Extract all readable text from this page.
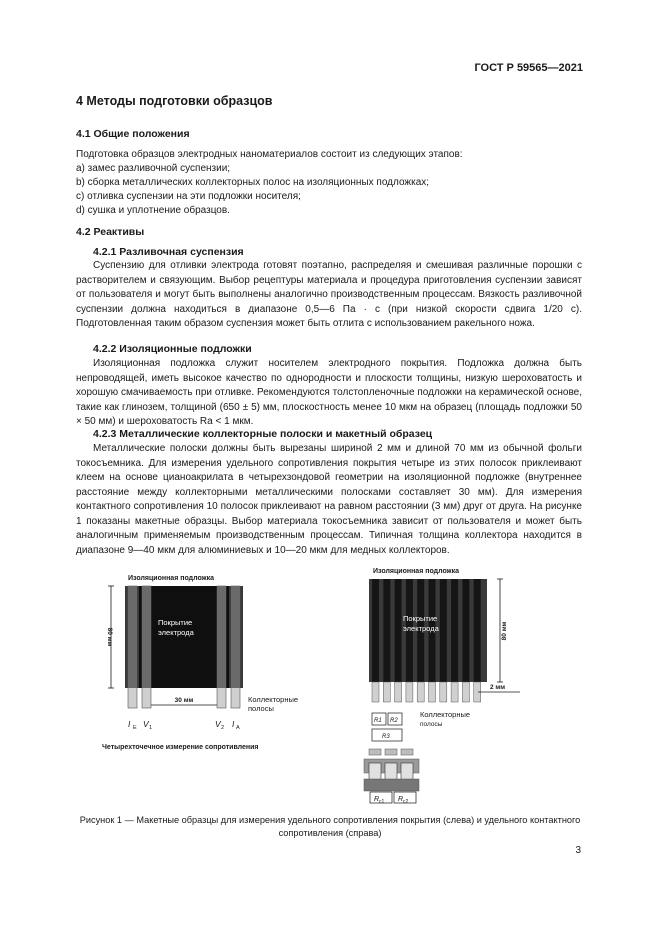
ГОСТ Р 59565—2021
4 Методы подготовки образцов
4.1 Общие положения
Подготовка образцов электродных наноматериалов состоит из следующих этапов:
a) замес разливочной суспензии;
b) сборка металлических коллекторных полос на изоляционных подложках;
c) отливка суспензии на эти подложки носителя;
d) сушка и уплотнение образцов.
4.2 Реактивы
4.2.1 Разливочная суспензия
Суспензию для отливки электрода готовят поэтапно, распределяя и смешивая различные порошки с растворителем и связующим. Выбор рецептуры материала и процедура приготовления суспензии зависят от пользователя и могут быть выполнены аналогично производственным процессам. Вязкость разливочной суспензии должна находиться в диапазоне 0,5—6 Па · с (при низкой скорости сдвига 1/20 с). Подготовленная таким образом суспензия может быть отлита с использованием ракельного ножа.
4.2.2 Изоляционные подложки
Изоляционная подложка служит носителем электродного покрытия. Подложка должна быть непроводящей, иметь высокое качество по однородности и плоскости толщины, низкую шероховатость и хорошую смачиваемость при отливке. Рекомендуются толстопленочные подложки на керамической основе, такие как глинозем, толщиной (650 ± 5) мм, плоскостность менее 10 мкм на образец (площадь подложки 50 × 50 мм) и шероховатость Ra < 1 мкм.
4.2.3 Металлические коллекторные полоски и макетный образец
Металлические полоски должны быть вырезаны шириной 2 мм и длиной 70 мм из обычной фольги токосъемника. Для измерения удельного сопротивления покрытия четыре из этих полосок приклеивают клеем на основе цианоакрилата в четырехзондовой геометрии на изоляционной подложке (внутреннее расстояние между коллекторными металлическими полосками составляет 30 мм). Для измерения контактного сопротивления 10 полосок приклеивают на равном расстоянии (3 мм) друг от друга. На рисунке 1 показаны макетные образцы. Выбор материала токосъемника зависит от пользователя и может быть аналогичным применяемым производственным процессам. Типичная толщина коллектора находится в диапазоне 9—40 мкм для алюминиевых и 10—20 мкм для медных коллекторов.
Изоляционная подложка
Покрытие
электрода
80 мм
30 мм	Коллекторные
полосы
I E V 1	V 2 I A
Четырехточечное измерение сопротивления
Изоляционная подложка
Покрытие
электрода	80 мм
2 мм
Коллекторные
полосы
R1 R2
R3
R c1 R c2
Рисунок 1 — Макетные образцы для измерения удельного сопротивления покрытия (слева) и удельного контактного сопротивления (справа)
3
